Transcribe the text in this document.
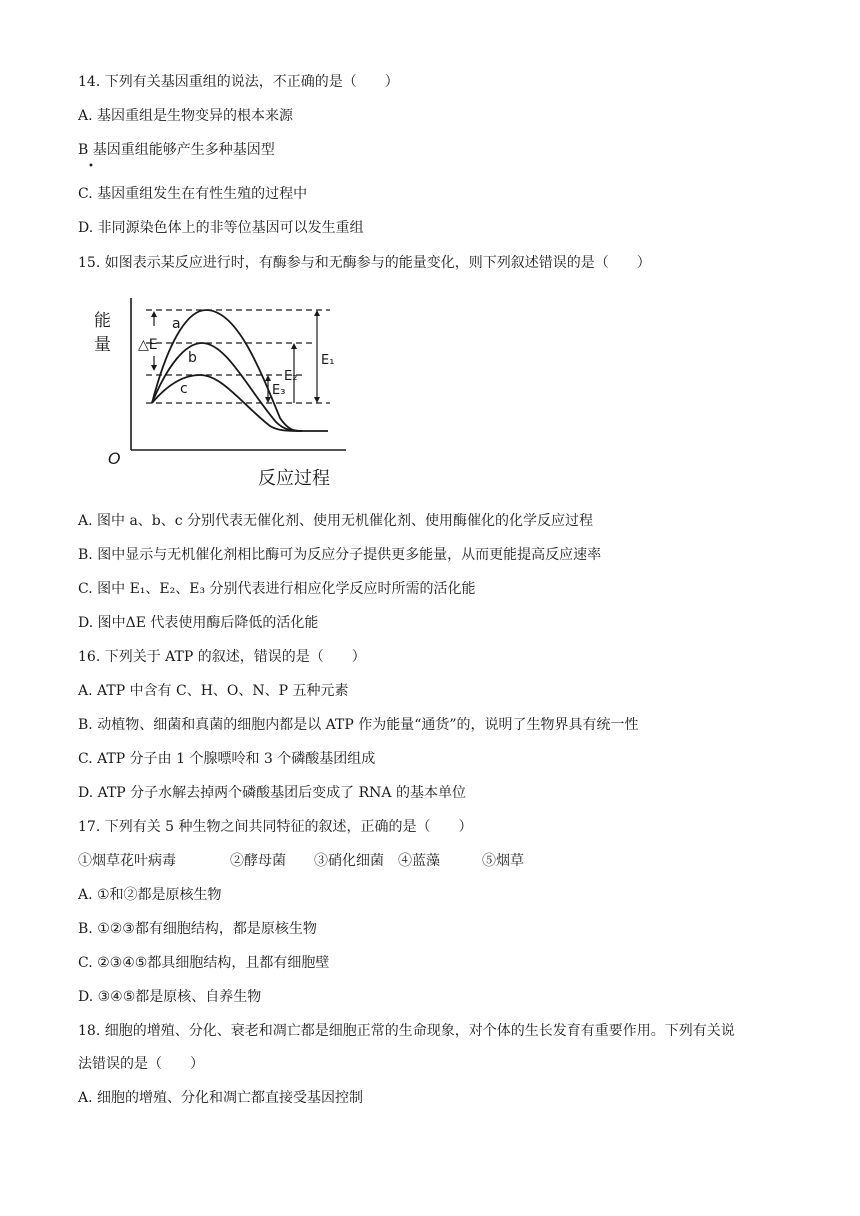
14. 下列有关基因重组的说法，不正确的是（　　）
A. 基因重组是生物变异的根本来源
B 基因重组能够产生多种基因型
•
C. 基因重组发生在有性生殖的过程中
D. 非同源染色体上的非等位基因可以发生重组
15. 如图表示某反应进行时，有酶参与和无酶参与的能量变化，则下列叙述错误的是（　　）
O
能
量
反应过程
a
b
c
△E
E₁
E₂
E₃
A. 图中 a、b、c 分别代表无催化剂、使用无机催化剂、使用酶催化的化学反应过程
B. 图中显示与无机催化剂相比酶可为反应分子提供更多能量，从而更能提高反应速率
C. 图中 E₁、E₂、E₃ 分别代表进行相应化学反应时所需的活化能
D. 图中ΔE 代表使用酶后降低的活化能
16. 下列关于 ATP 的叙述，错误的是（　　）
A. ATP 中含有 C、H、O、N、P 五种元素
B. 动植物、细菌和真菌的细胞内都是以 ATP 作为能量“通货”的，说明了生物界具有统一性
C. ATP 分子由 1 个腺嘌呤和 3 个磷酸基团组成
D. ATP 分子水解去掉两个磷酸基团后变成了 RNA 的基本单位
17. 下列有关 5 种生物之间共同特征的叙述，正确的是（　　）
①烟草花叶病毒	②酵母菌 ③硝化细菌 ④蓝藻	⑤烟草
A. ①和②都是原核生物
B. ①②③都有细胞结构，都是原核生物
C. ②③④⑤都具细胞结构，且都有细胞壁
D. ③④⑤都是原核、自养生物
18. 细胞的增殖、分化、衰老和凋亡都是细胞正常的生命现象，对个体的生长发育有重要作用。下列有关说
法错误的是（　　）
A. 细胞的增殖、分化和凋亡都直接受基因控制
